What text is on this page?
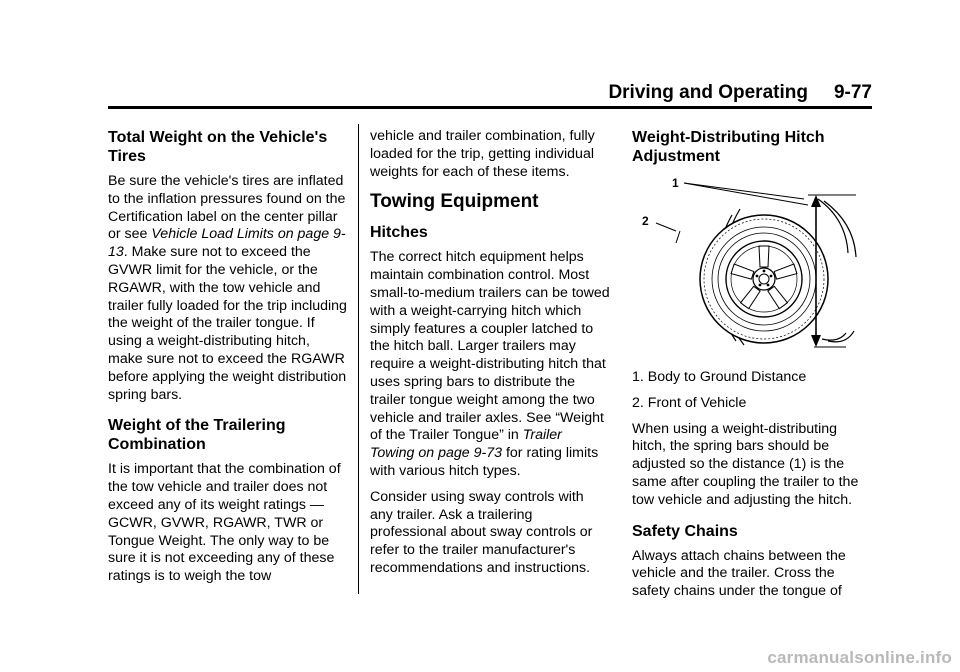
Driving and Operating 9-77
Total Weight on the Vehicle's Tires

Be sure the vehicle's tires are inflated to the inflation pressures found on the Certification label on the center pillar or see Vehicle Load Limits on page 9-13. Make sure not to exceed the GVWR limit for the vehicle, or the RGAWR, with the tow vehicle and trailer fully loaded for the trip including the weight of the trailer tongue. If using a weight-distributing hitch, make sure not to exceed the RGAWR before applying the weight distribution spring bars.

Weight of the Trailering Combination

It is important that the combination of the tow vehicle and trailer does not exceed any of its weight ratings — GCWR, GVWR, RGAWR, TWR or Tongue Weight. The only way to be sure it is not exceeding any of these ratings is to weigh the tow

vehicle and trailer combination, fully loaded for the trip, getting individual weights for each of these items.

Towing Equipment
Hitches

The correct hitch equipment helps maintain combination control. Most small-to-medium trailers can be towed with a weight-carrying hitch which simply features a coupler latched to the hitch ball. Larger trailers may require a weight-distributing hitch that uses spring bars to distribute the trailer tongue weight among the two vehicle and trailer axles. See “Weight of the Trailer Tongue” in Trailer Towing on page 9-73 for rating limits with various hitch types.

Consider using sway controls with any trailer. Ask a trailering professional about sway controls or refer to the trailer manufacturer's recommendations and instructions.

Weight-Distributing Hitch Adjustment
1
2
1. Body to Ground Distance
2. Front of Vehicle

When using a weight-distributing hitch, the spring bars should be adjusted so the distance (1) is the same after coupling the trailer to the tow vehicle and adjusting the hitch.

Safety Chains

Always attach chains between the vehicle and the trailer. Cross the safety chains under the tongue of

carmanualsonline.info
